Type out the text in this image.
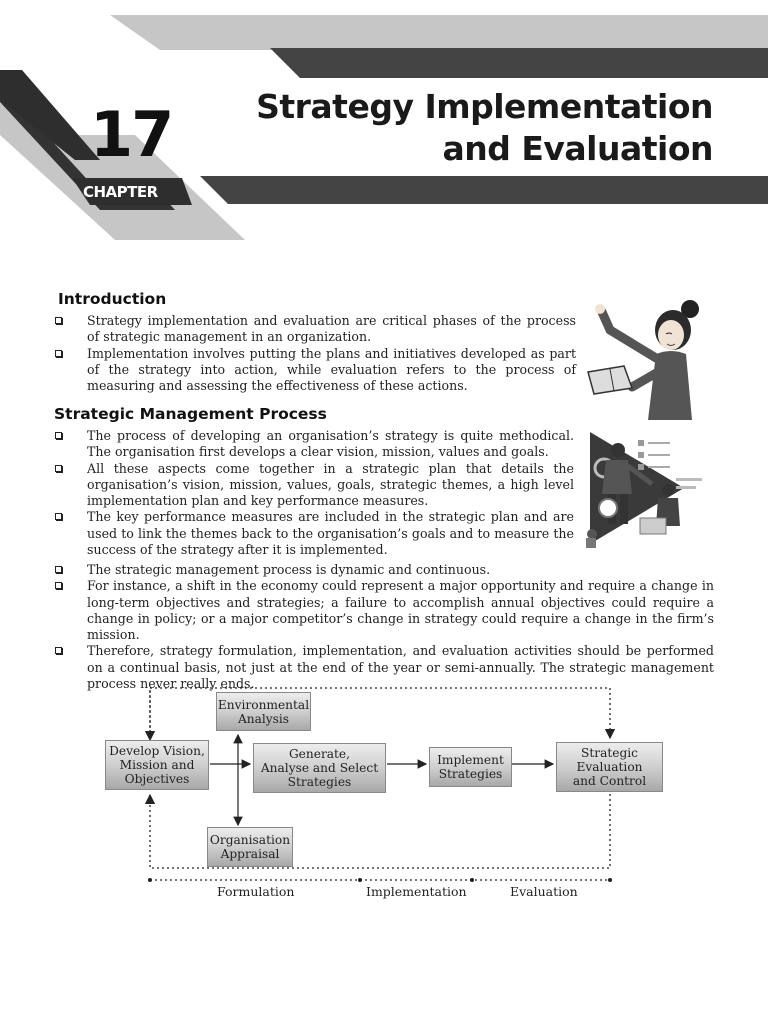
17
CHAPTER
Strategy Implementation
and Evaluation
Introduction
Strategy implementation and evaluation are critical phases of the process of strategic management in an organization.
Implementation involves putting the plans and initiatives developed as part of the strategy into action, while evaluation refers to the process of measuring and assessing the effectiveness of these actions.
Strategic Management Process
The process of developing an organisation’s strategy is quite methodical. The organisation first develops a clear vision, mission, values and goals.
All these aspects come together in a strategic plan that details the organisation’s vision, mission, values, goals, strategic themes, a high level implementation plan and key performance measures.
The key performance measures are included in the strategic plan and are used to link the themes back to the organisation’s goals and to measure the success of the strategy after it is implemented.
The strategic management process is dynamic and continuous.
For instance, a shift in the economy could represent a major opportunity and require a change in long-term objectives and strategies; a failure to accomplish annual objectives could require a change in policy; or a major competitor’s change in strategy could require a change in the firm’s mission.
Therefore, strategy formulation, implementation, and evaluation activities should be performed on a continual basis, not just at the end of the year or semi-annually. The strategic management process never really ends.
Environmental
Analysis
Develop Vision,
Mission and
Objectives
Generate,
Analyse and Select
Strategies
Implement
Strategies
Strategic
Evaluation
and Control
Organisation
Appraisal
Formulation	Implementation	Evaluation
